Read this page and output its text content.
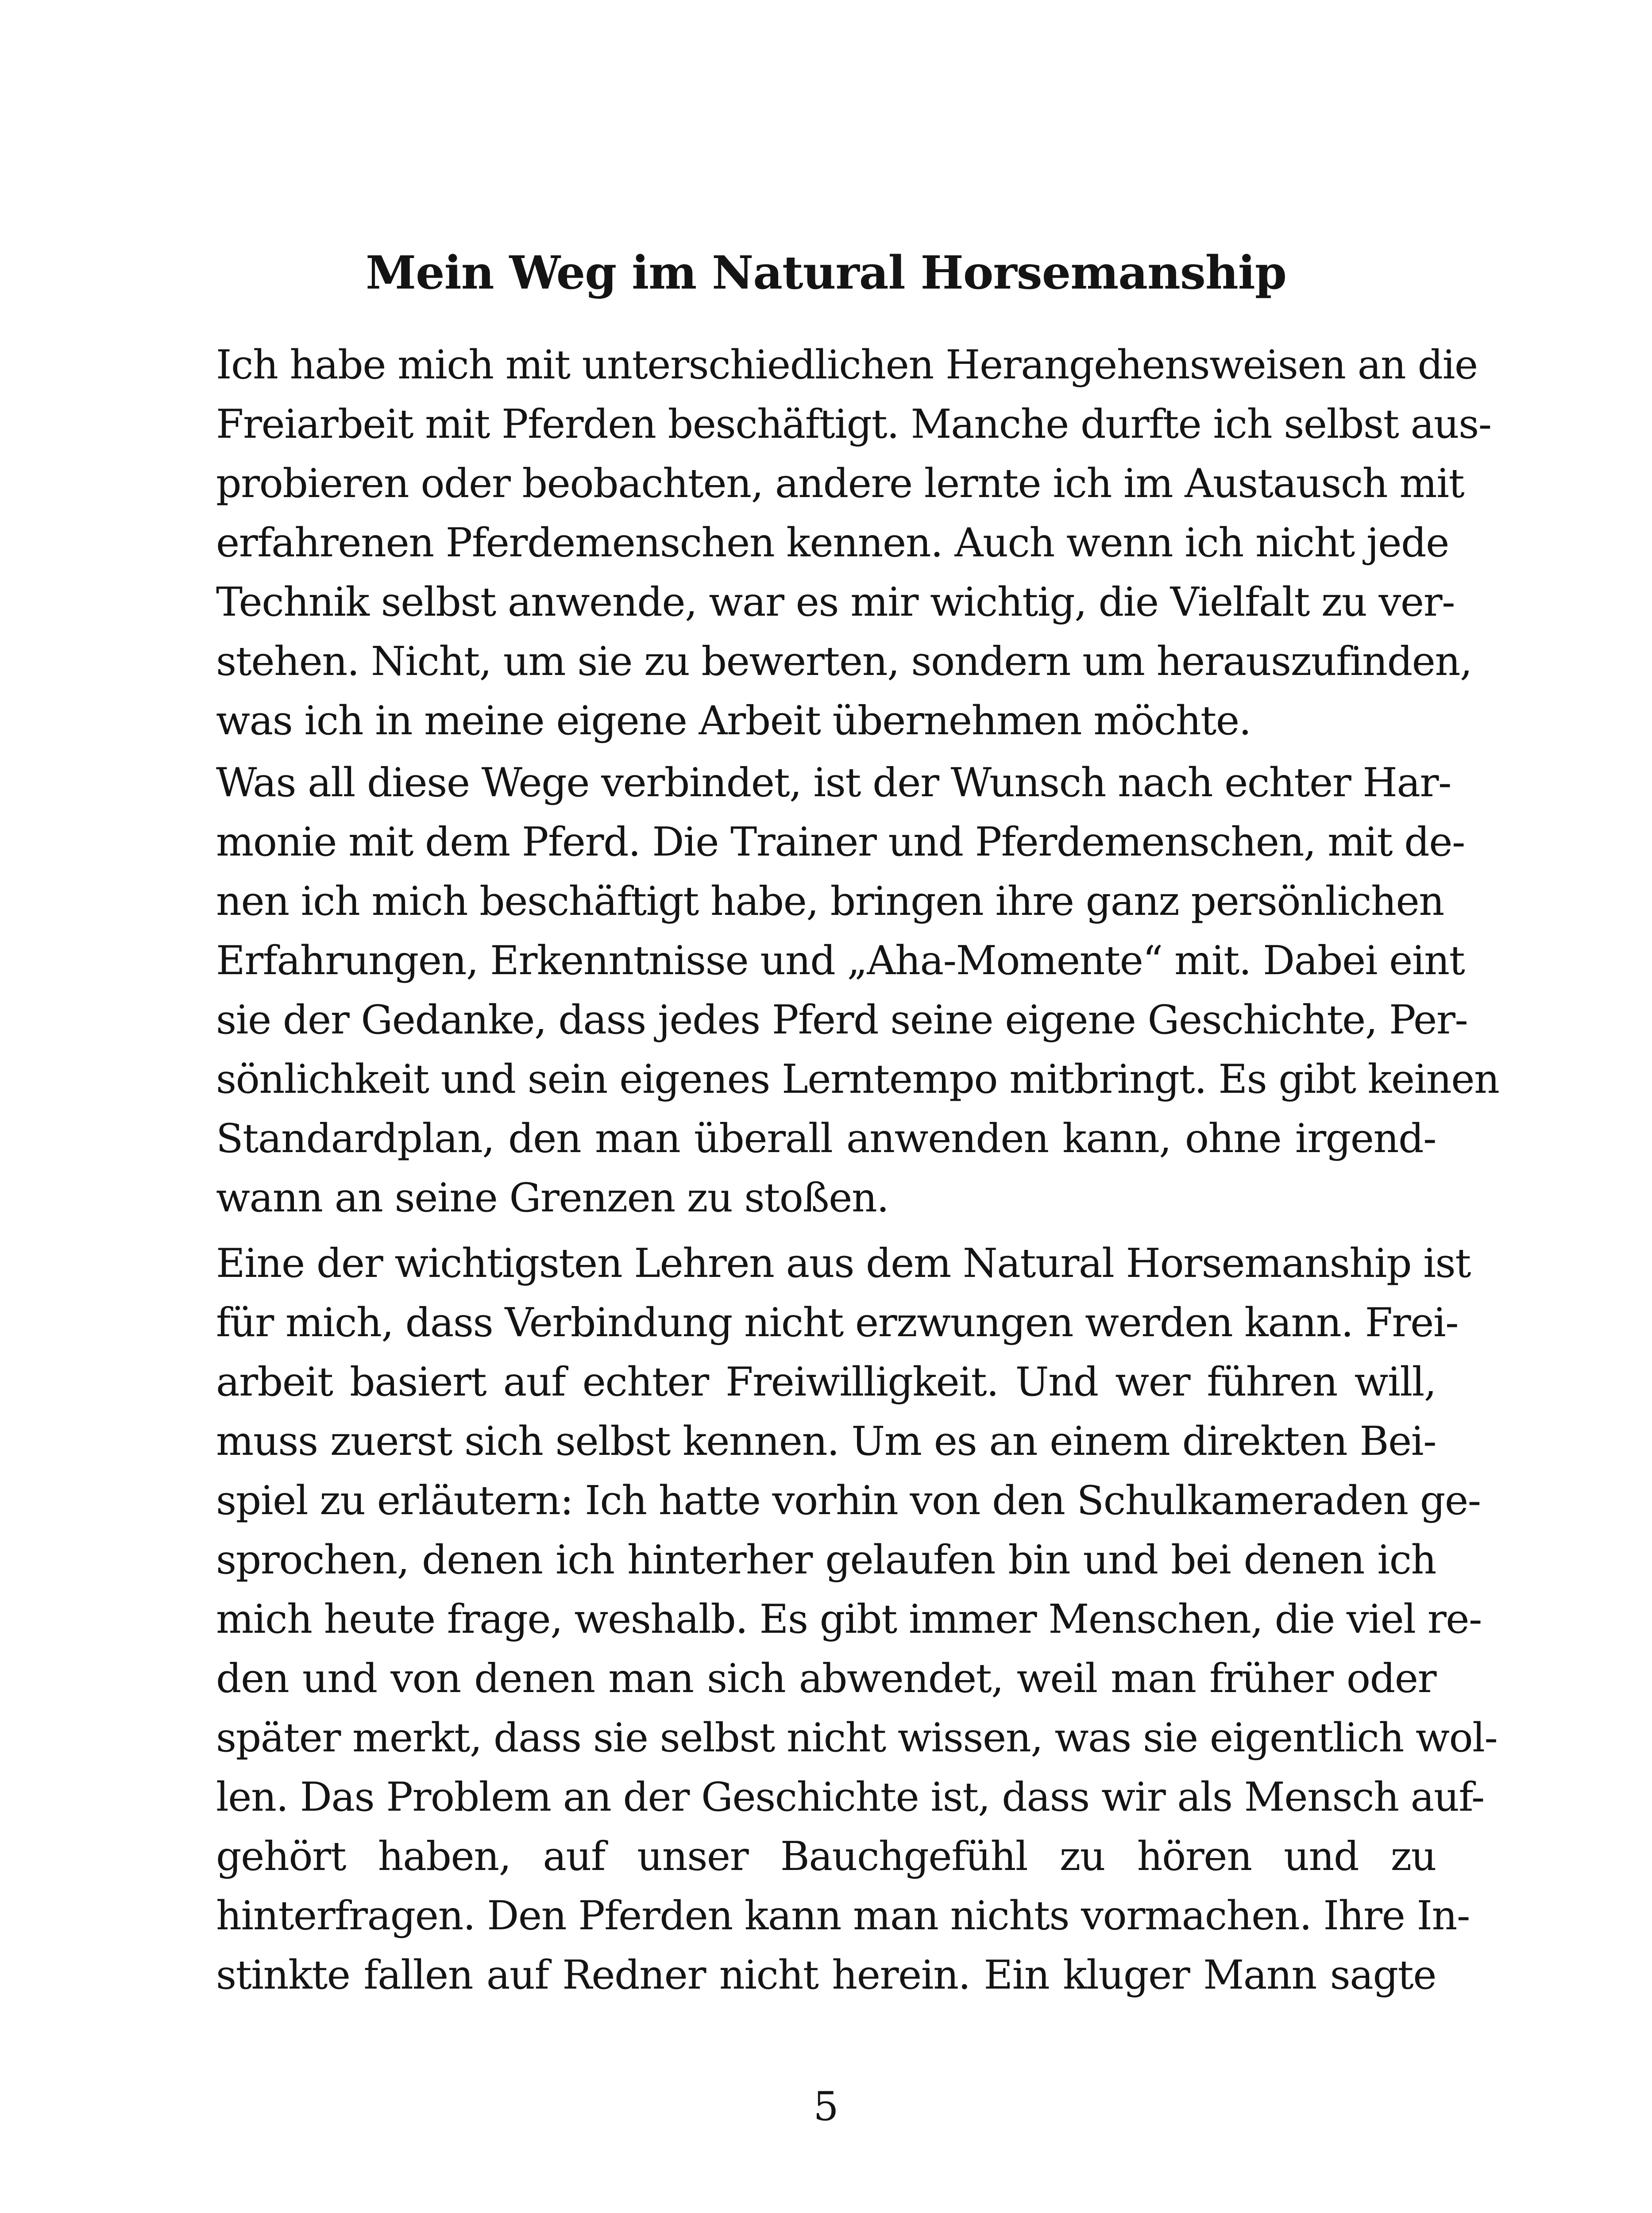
Mein Weg im Natural Horsemanship
Ich habe mich mit unterschiedlichen Herangehensweisen an die
Freiarbeit mit Pferden beschäftigt. Manche durfte ich selbst aus-
probieren oder beobachten, andere lernte ich im Austausch mit
erfahrenen Pferdemenschen kennen. Auch wenn ich nicht jede
Technik selbst anwende, war es mir wichtig, die Vielfalt zu ver-
stehen. Nicht, um sie zu bewerten, sondern um herauszufinden,
was ich in meine eigene Arbeit übernehmen möchte.
Was all diese Wege verbindet, ist der Wunsch nach echter Har-
monie mit dem Pferd. Die Trainer und Pferdemenschen, mit de-
nen ich mich beschäftigt habe, bringen ihre ganz persönlichen
Erfahrungen, Erkenntnisse und „Aha-Momente“ mit. Dabei eint
sie der Gedanke, dass jedes Pferd seine eigene Geschichte, Per-
sönlichkeit und sein eigenes Lerntempo mitbringt. Es gibt keinen
Standardplan, den man überall anwenden kann, ohne irgend-
wann an seine Grenzen zu stoßen.
Eine der wichtigsten Lehren aus dem Natural Horsemanship ist
für mich, dass Verbindung nicht erzwungen werden kann. Frei-
arbeit basiert auf echter Freiwilligkeit. Und wer führen will,
muss zuerst sich selbst kennen. Um es an einem direkten Bei-
spiel zu erläutern: Ich hatte vorhin von den Schulkameraden ge-
sprochen, denen ich hinterher gelaufen bin und bei denen ich
mich heute frage, weshalb. Es gibt immer Menschen, die viel re-
den und von denen man sich abwendet, weil man früher oder
später merkt, dass sie selbst nicht wissen, was sie eigentlich wol-
len. Das Problem an der Geschichte ist, dass wir als Mensch auf-
gehört haben, auf unser Bauchgefühl zu hören und zu
hinterfragen. Den Pferden kann man nichts vormachen. Ihre In-
stinkte fallen auf Redner nicht herein. Ein kluger Mann sagte
5
